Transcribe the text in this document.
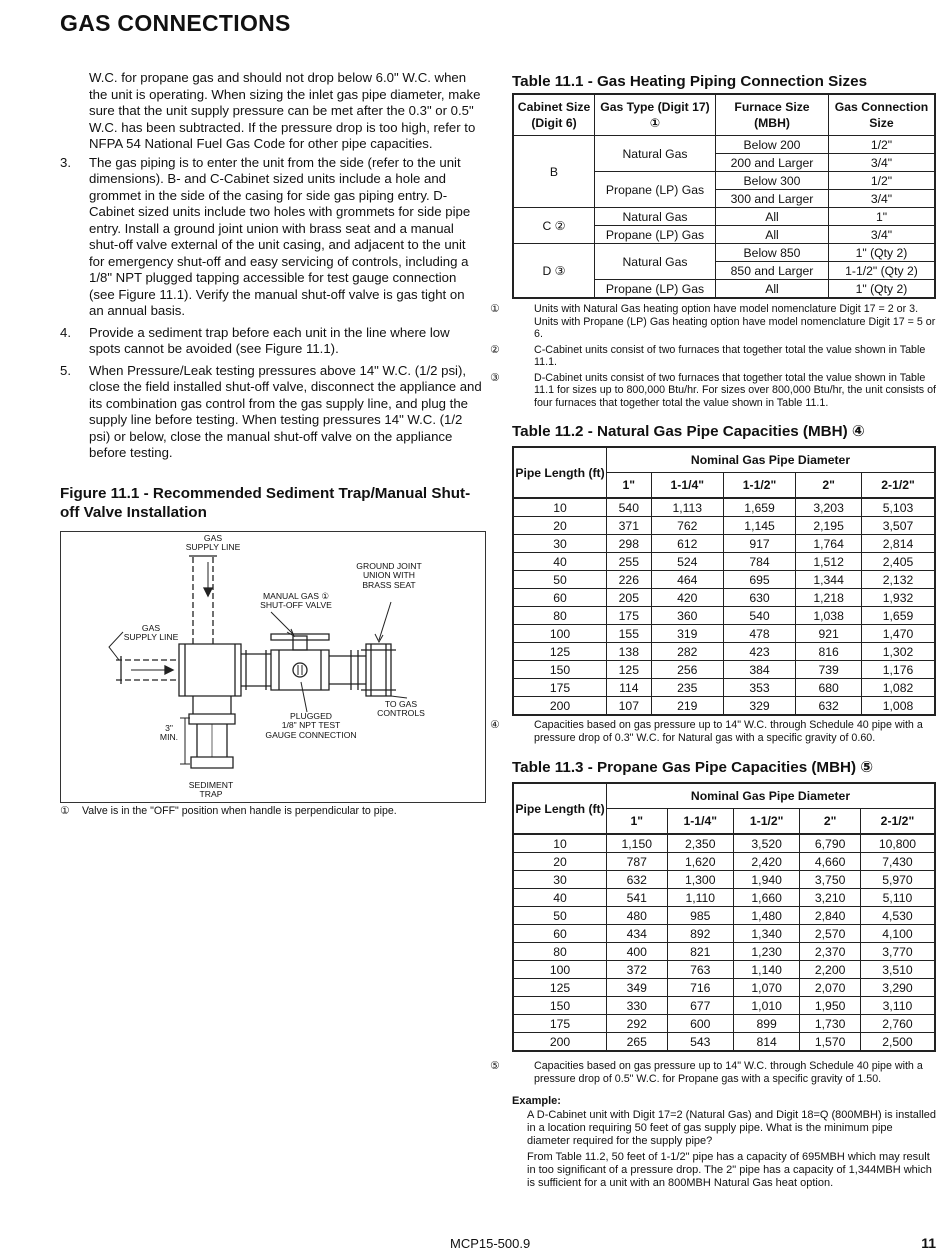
GAS CONNECTIONS

W.C. for propane gas and should not drop below 6.0" W.C. when the unit is operating. When sizing the inlet gas pipe diameter, make sure that the unit supply pressure can be met after the 0.3" or 0.5" W.C. has been subtracted. If the pressure drop is too high, refer to NFPA 54 National Fuel Gas Code for other pipe capacities.

3. The gas piping is to enter the unit from the side (refer to the unit dimensions). B- and C-Cabinet sized units include a hole and grommet in the side of the casing for side gas piping entry. D-Cabinet sized units include two holes with grommets for side pipe entry. Install a ground joint union with brass seat and a manual shut-off valve external of the unit casing, and adjacent to the unit for emergency shut-off and easy servicing of controls, including a 1/8" NPT plugged tapping accessible for test gauge connection (see Figure 11.1). Verify the manual shut-off valve is gas tight on an annual basis.
4. Provide a sediment trap before each unit in the line where low spots cannot be avoided (see Figure 11.1).
5. When Pressure/Leak testing pressures above 14" W.C. (1/2 psi), close the field installed shut-off valve, disconnect the appliance and its combination gas control from the gas supply line, and plug the supply line before testing. When testing pressures 14" W.C. (1/2 psi) or below, close the manual shut-off valve on the appliance before testing.
Figure 11.1 - Recommended Sediment Trap/Manual Shut-off Valve Installation
GAS
SUPPLY LINE
GROUND JOINT
UNION WITH
BRASS SEAT
MANUAL GAS ①
SHUT-OFF VALVE
GAS
SUPPLY LINE
TO GAS
CONTROLS
PLUGGED
1/8" NPT TEST
GAUGE CONNECTION
3"
MIN.
SEDIMENT
TRAP
① Valve is in the "OFF" position when handle is perpendicular to pipe.
Table 11.1 - Gas Heating Piping Connection Sizes
Cabinet Size (Digit 6)	Gas Type (Digit 17) ①	Furnace Size (MBH)	Gas Connection Size
B	Natural Gas	Below 200	1/2"
		200 and Larger	3/4"
	Propane (LP) Gas	Below 300	1/2"
		300 and Larger	3/4"
C ②	Natural Gas	All	1"
	Propane (LP) Gas	All	3/4"
D ③	Natural Gas	Below 850	1" (Qty 2)
		850 and Larger	1-1/2" (Qty 2)
	Propane (LP) Gas	All	1" (Qty 2)
①	Units with Natural Gas heating option have model nomenclature Digit 17 = 2 or 3. Units with Propane (LP) Gas heating option have model nomenclature Digit 17 = 5 or 6.
②	C-Cabinet units consist of two furnaces that together total the value shown in Table 11.1.
③	D-Cabinet units consist of two furnaces that together total the value shown in Table 11.1 for sizes up to 800,000 Btu/hr. For sizes over 800,000 Btu/hr, the unit consists of four furnaces that together total the value shown in Table 11.1.
Table 11.2 - Natural Gas Pipe Capacities (MBH) ④
Pipe Length (ft)	Nominal Gas Pipe Diameter				
	1"	1-1/4"	1-1/2"	2"	2-1/2"
10	540	1,113	1,659	3,203	5,103
20	371	762	1,145	2,195	3,507
30	298	612	917	1,764	2,814
40	255	524	784	1,512	2,405
50	226	464	695	1,344	2,132
60	205	420	630	1,218	1,932
80	175	360	540	1,038	1,659
100	155	319	478	921	1,470
125	138	282	423	816	1,302
150	125	256	384	739	1,176
175	114	235	353	680	1,082
200	107	219	329	632	1,008
④	Capacities based on gas pressure up to 14" W.C. through Schedule 40 pipe with a pressure drop of 0.3" W.C. for Natural gas with a specific gravity of 0.60.
Table 11.3 - Propane Gas Pipe Capacities (MBH) ⑤
Pipe Length (ft)	Nominal Gas Pipe Diameter				
	1"	1-1/4"	1-1/2"	2"	2-1/2"
10	1,150	2,350	3,520	6,790	10,800
20	787	1,620	2,420	4,660	7,430
30	632	1,300	1,940	3,750	5,970
40	541	1,110	1,660	3,210	5,110
50	480	985	1,480	2,840	4,530
60	434	892	1,340	2,570	4,100
80	400	821	1,230	2,370	3,770
100	372	763	1,140	2,200	3,510
125	349	716	1,070	2,070	3,290
150	330	677	1,010	1,950	3,110
175	292	600	899	1,730	2,760
200	265	543	814	1,570	2,500
⑤	Capacities based on gas pressure up to 14" W.C. through Schedule 40 pipe with a pressure drop of 0.5" W.C. for Propane gas with a specific gravity of 1.50.
Example:
A D-Cabinet unit with Digit 17=2 (Natural Gas) and Digit 18=Q (800MBH) is installed in a location requiring 50 feet of gas supply pipe. What is the minimum pipe diameter required for the supply pipe?
From Table 11.2, 50 feet of 1-1/2" pipe has a capacity of 695MBH which may result in too significant of a pressure drop. The 2" pipe has a capacity of 1,344MBH which is sufficient for a unit with an 800MBH Natural Gas heat option.
MCP15-500.9	11
